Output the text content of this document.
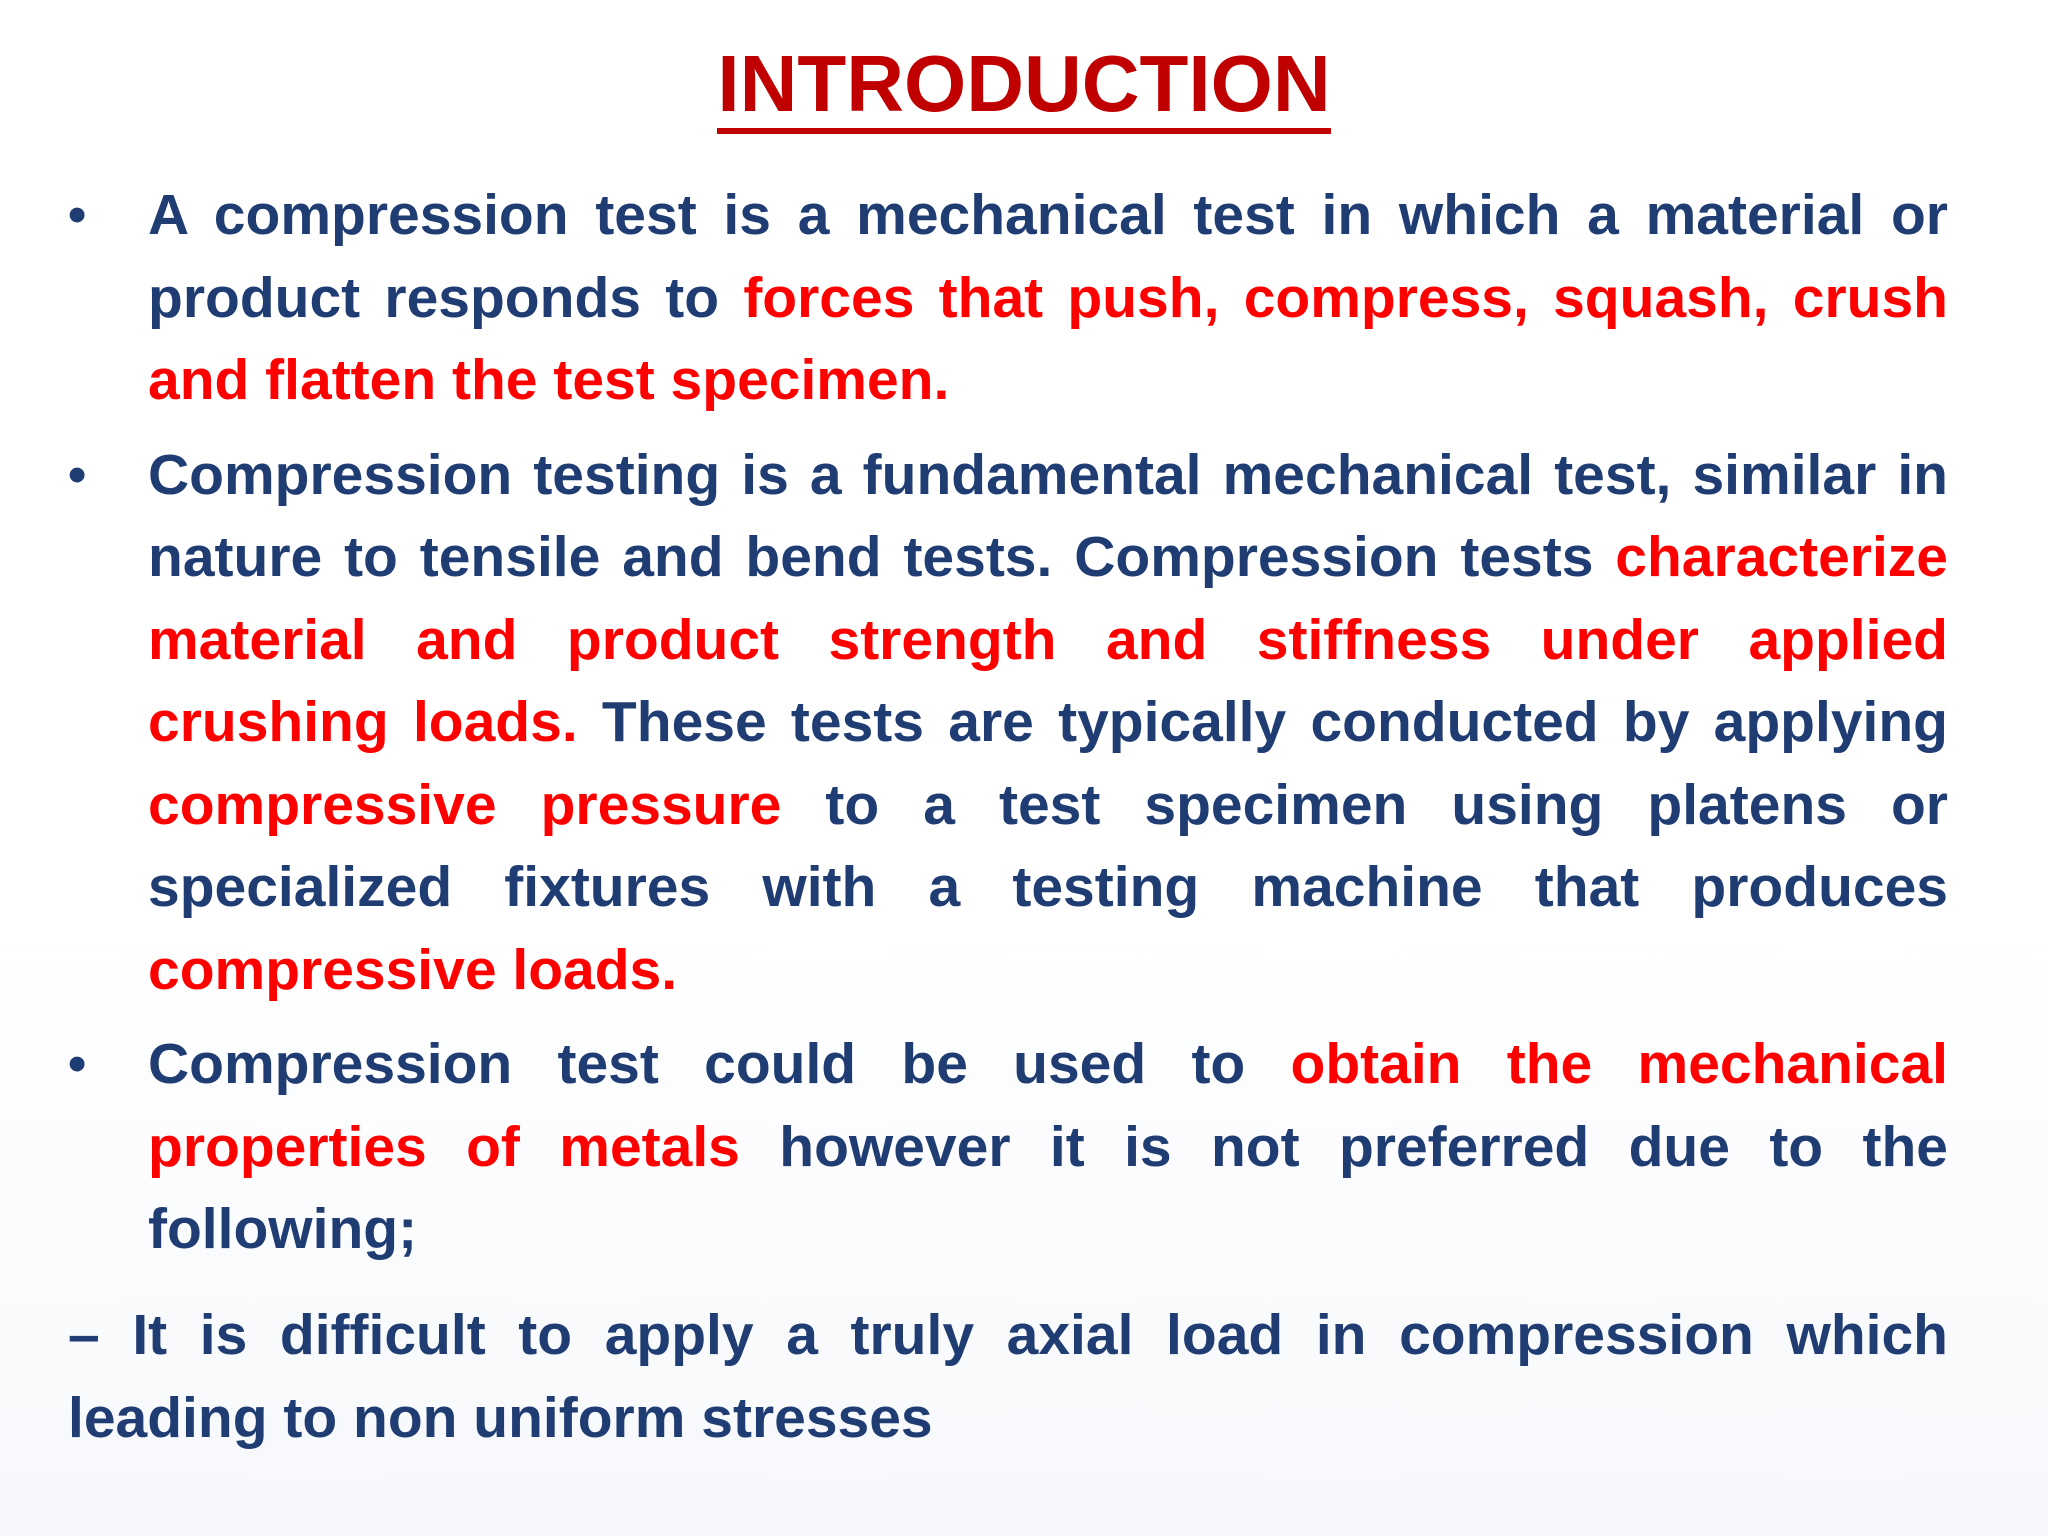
INTRODUCTION
•	A compression test is a mechanical test in which a material or product responds to forces that push, compress, squash, crush and flatten the test specimen.
•	Compression testing is a fundamental mechanical test, similar in nature to tensile and bend tests. Compression tests characterize material and product strength and stiffness under applied crushing loads. These tests are typically conducted by applying compressive pressure to a test specimen using platens or specialized fixtures with a testing machine that produces compressive loads.
•	Compression test could be used to obtain the mechanical properties of metals however it is not preferred due to the following;

– It is difficult to apply a truly axial load in compression which leading to non uniform stresses
